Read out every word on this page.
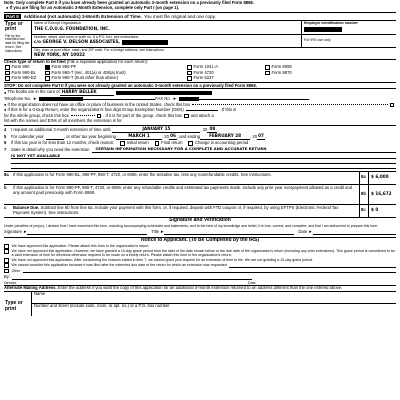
Note. Only complete Part II if you have already been granted an automatic 3-month extension on a previously filed Form 8868.
● If you are filing for an Automatic 3-Month Extension, complete only Part I (on page 1).
Part II	Additional (not automatic) 3-Month Extension of Time. You must file original and one copy.
Type or print
File by the extended due date for filing the return. See instructions.
Name of Exempt Organization
THE C.O.U.G. FOUNDATION, INC.
Employer identification number
Number, street, and room or suite no. If a P.O. box, see instructions.
c/o GEORGE V. DELSON ASSOCIATES,	For IRS use only
City, town or post office, state, and ZIP code. For a foreign address, see instructions.
NEW YORK, NY 10022
Check type of return to be filed (File a separate application for each return):
Form 990	Form 990-PF	Form 1041-A	Form 6069
Form 990-BL	Form 990-T (sec. 401(a) or 408(a) trust)	Form 4720	Form 8870
Form 990-EZ	Form 990-T (trust other than above)	Form 5227
STOP: Do not complete Part II if you were not already granted an automatic 3-month extension on a previously filed Form 8868.
● The books are in the care of HARRY BELLEK
Telephone No. ►	FAX No. ►
● If the organization does not have an office or place of business in the United States, check this box
● If this is for a Group Return, enter the organization's four digit Group Exemption Number (GEN)	. If this is
for the whole group, check this box	. If it is for part of the group, check this box and attach a
list with the names and EINs of all members the extension is for.
4	I request an additional 3-month extension of time until	JANUARY 15	, 20 08 .
5	For calendar year	, or other tax year beginning	MARCH 1	, 20 06 , and ending	FEBRUARY 28	, 20 07 .
6	If this tax year is for less than 12 months, check reason:	Initial return	Final return	Change in accounting period
7	State in detail why you need the extension	CERTAIN INFORMATION NECESSARY FOR A COMPLETE AND ACCURATE RETURN
IS NOT YET AVAILABLE
8a	If this application is for Form 990-BL, 990-PF, 990-T, 4720, or 6069, enter the tentative tax, less any nonrefundable credits. See instructions.	8a	$ 6,000
b	If this application is for Form 990-PF, 990-T, 4720, or 6069, enter any refundable credits and estimated tax payments made. Include any prior year overpayment allowed as a credit and any amount paid previously with Form 8868.	8b	$ 16,672
c	Balance Due. Subtract line 8b from line 8a. Include your payment with this form, or, if required, deposit with FTD coupon or, if required, by using EFTPS (Electronic Federal Tax Payment System). See instructions.
8c	$ 0
Signature and Verification
Under penalties of perjury, I declare that I have examined this form, including accompanying schedules and statements, and to the best of my knowledge and belief, it is true, correct, and complete, and that I am authorized to prepare this form.
Signature ►	Title ►	Date ►
Notice to Applicant. (To Be Completed by the IRS)
We have approved this application. Please attach this form to the organization's return.
We have not approved this application. However, we have granted a 10-day grace period from the later of the date shown below or the due date of the organization's return (including any prior extensions). This grace period is considered to be a valid extension of time for elections otherwise required to be made on a timely return. Please attach this form to the organization's return.
We have not approved this application. After considering the reasons stated in item 7, we cannot grant your request for an extension of time to file. We are not granting a 10-day grace period.
We cannot consider this application because it was filed after the extended due date of the return for which an extension was requested
Other
By:
Director	Date
Alternate Mailing Address. Enter the address if you want the copy of this application for an additional 3-month extension returned to an address different than the one entered above.
Type or print
Name
Number and street (include suite, room, or apt. no.) or a P.O. box number
